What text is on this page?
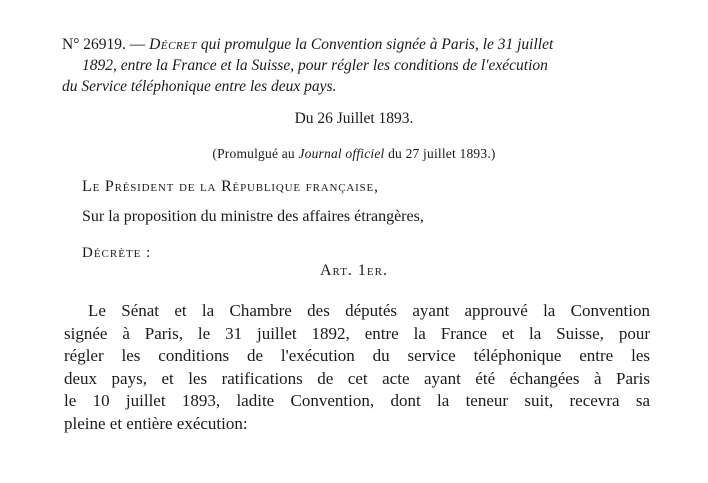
N° 26919. — Décret qui promulgue la Convention signée à Paris, le 31 juillet
1892, entre la France et la Suisse, pour régler les conditions de l'exécution
du Service téléphonique entre les deux pays.
Du 26 Juillet 1893.
(Promulgué au Journal officiel du 27 juillet 1893.)
Le Président de la République française,
Sur la proposition du ministre des affaires étrangères,
Décrète :
Art. 1er.
Le Sénat et la Chambre des députés ayant approuvé la Convention
signée à Paris, le 31 juillet 1892, entre la France et la Suisse, pour
régler les conditions de l'exécution du service téléphonique entre les
deux pays, et les ratifications de cet acte ayant été échangées à Paris
le 10 juillet 1893, ladite Convention, dont la teneur suit, recevra sa
pleine et entière exécution:
